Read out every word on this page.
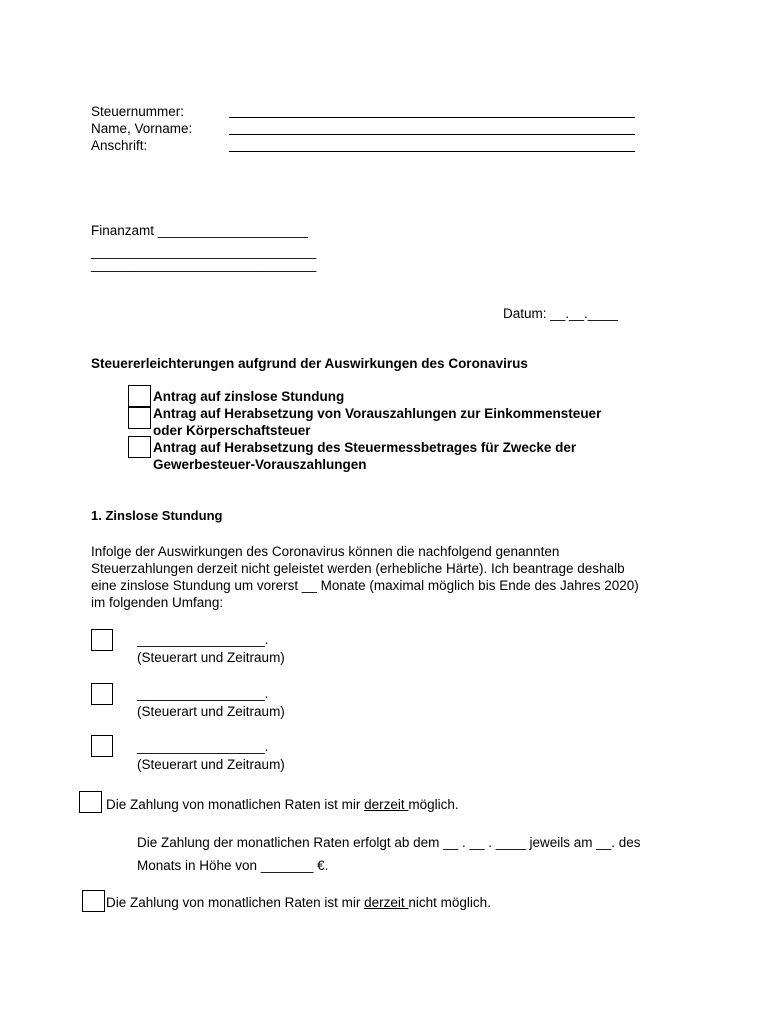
Steuernummer:
Name, Vorname:
Anschrift:
Finanzamt ____________________
______________________________
______________________________
Datum: __.__.____
Steuererleichterungen aufgrund der Auswirkungen des Coronavirus
Antrag auf zinslose Stundung
Antrag auf Herabsetzung von Vorauszahlungen zur Einkommensteuer
oder Körperschaftsteuer
Antrag auf Herabsetzung des Steuermessbetrages für Zwecke der
Gewerbesteuer-Vorauszahlungen
1. Zinslose Stundung
Infolge der Auswirkungen des Coronavirus können die nachfolgend genannten
Steuerzahlungen derzeit nicht geleistet werden (erhebliche Härte). Ich beantrage deshalb
eine zinslose Stundung um vorerst __ Monate (maximal möglich bis Ende des Jahres 2020)
im folgenden Umfang:
_________________.
(Steuerart und Zeitraum)
_________________.
(Steuerart und Zeitraum)
_________________.
(Steuerart und Zeitraum)
Die Zahlung von monatlichen Raten ist mir derzeit möglich.
Die Zahlung der monatlichen Raten erfolgt ab dem __ . __ . ____ jeweils am __. des
Monats in Höhe von _______ €.
Die Zahlung von monatlichen Raten ist mir derzeit nicht möglich.
